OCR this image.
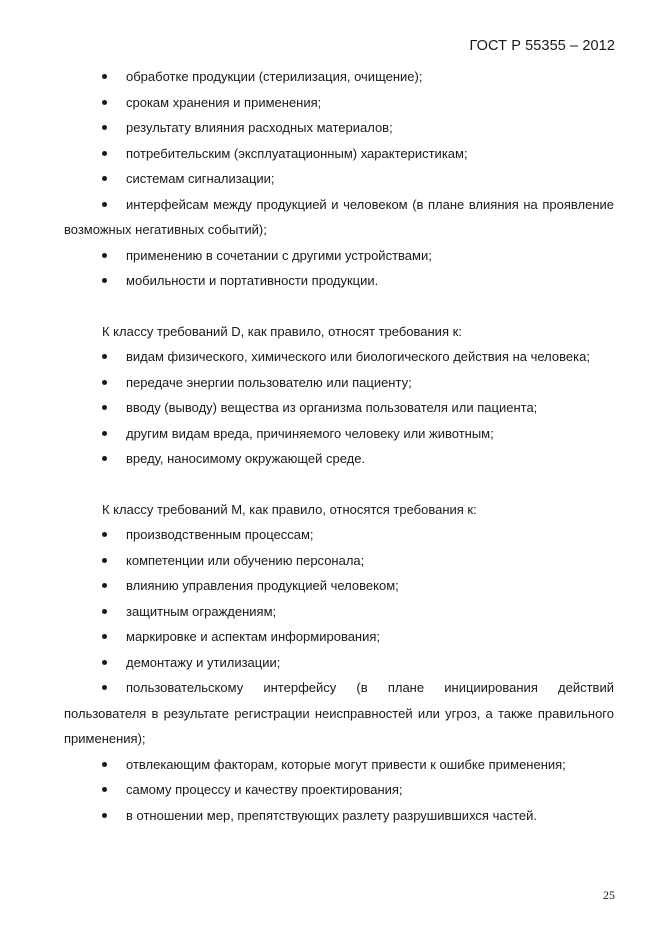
ГОСТ Р 55355 – 2012
обработке продукции (стерилизация, очищение);
срокам хранения и применения;
результату влияния расходных материалов;
потребительским (эксплуатационным) характеристикам;
системам сигнализации;
интерфейсам между продукцией и человеком (в плане влияния на проявление возможных негативных событий);
применению в сочетании с другими устройствами;
мобильности и портативности продукции.
К классу требований D, как правило, относят требования к:
видам физического, химического или биологического действия на человека;
передаче энергии пользователю или пациенту;
вводу (выводу) вещества из организма пользователя или пациента;
другим видам вреда, причиняемого человеку или животным;
вреду, наносимому окружающей среде.
К классу требований М, как правило, относятся требования к:
производственным процессам;
компетенции или обучению персонала;
влиянию управления продукцией человеком;
защитным ограждениям;
маркировке и аспектам информирования;
демонтажу и утилизации;
пользовательскому интерфейсу (в плане инициирования действий пользователя в результате регистрации неисправностей или угроз, а также правильного применения);
отвлекающим факторам, которые могут привести к ошибке применения;
самому процессу и качеству проектирования;
в отношении мер, препятствующих разлету разрушившихся частей.
25
